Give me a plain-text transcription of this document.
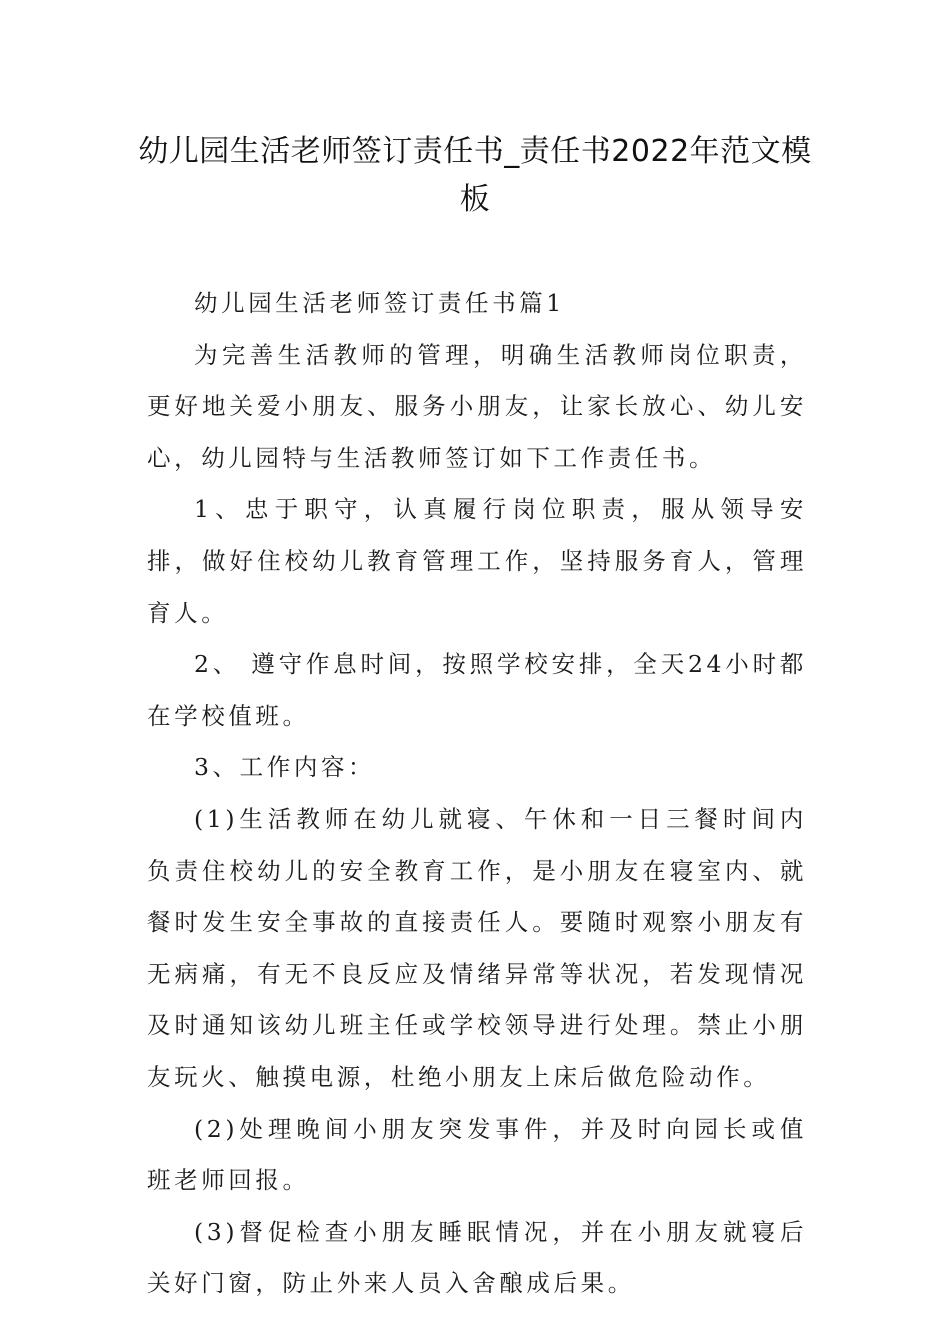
幼儿园生活老师签订责任书_责任书2022年范文模板

幼儿园生活老师签订责任书篇1

为完善生活教师的管理，明确生活教师岗位职责，更好地关爱小朋友、服务小朋友，让家长放心、幼儿安心，幼儿园特与生活教师签订如下工作责任书。

1、忠于职守，认真履行岗位职责，服从领导安排，做好住校幼儿教育管理工作，坚持服务育人，管理育人。

2、 遵守作息时间，按照学校安排，全天24小时都在学校值班。

3、工作内容：

(1)生活教师在幼儿就寝、午休和一日三餐时间内负责住校幼儿的安全教育工作，是小朋友在寝室内、就餐时发生安全事故的直接责任人。要随时观察小朋友有无病痛，有无不良反应及情绪异常等状况，若发现情况及时通知该幼儿班主任或学校领导进行处理。禁止小朋友玩火、触摸电源，杜绝小朋友上床后做危险动作。

(2)处理晚间小朋友突发事件，并及时向园长或值班老师回报。

(3)督促检查小朋友睡眠情况，并在小朋友就寝后关好门窗，防止外来人员入舍酿成后果。
